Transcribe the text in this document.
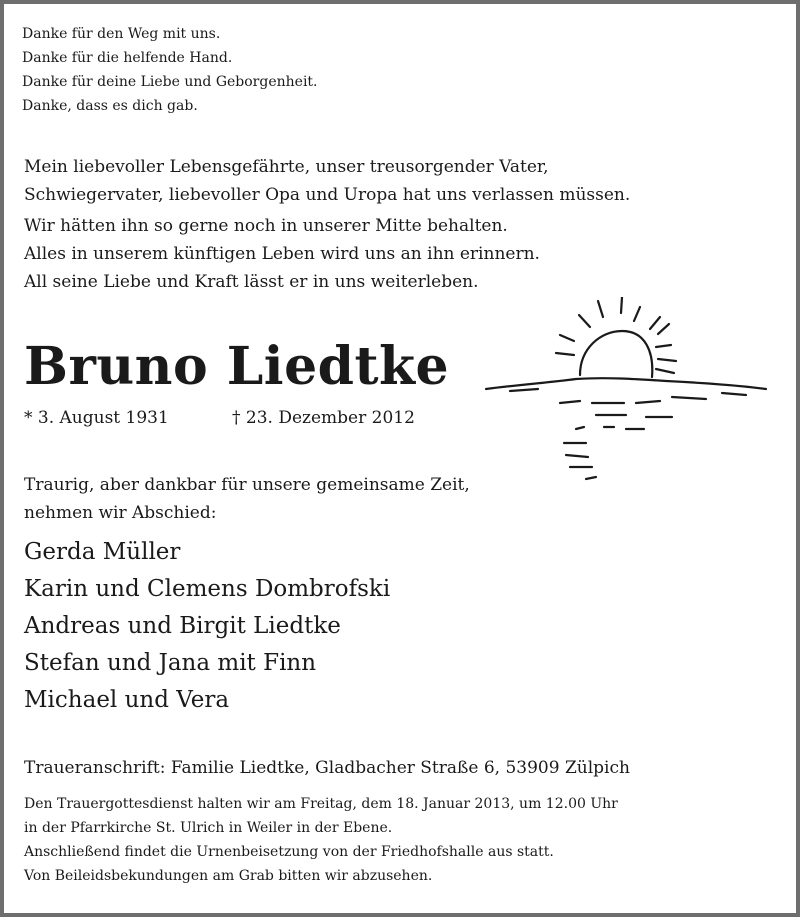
Danke für den Weg mit uns.
Danke für die helfende Hand.
Danke für deine Liebe und Geborgenheit.
Danke, dass es dich gab.
Mein liebevoller Lebensgefährte, unser treusorgender Vater,
Schwiegervater, liebevoller Opa und Uropa hat uns verlassen müssen.
Wir hätten ihn so gerne noch in unserer Mitte behalten.
Alles in unserem künftigen Leben wird uns an ihn erinnern.
All seine Liebe und Kraft lässt er in uns weiterleben.
Bruno Liedtke
* 3. August 1931	† 23. Dezember 2012
Traurig, aber dankbar für unsere gemeinsame Zeit,
nehmen wir Abschied:
Gerda Müller
Karin und Clemens Dombrofski
Andreas und Birgit Liedtke
Stefan und Jana mit Finn
Michael und Vera
Traueranschrift: Familie Liedtke, Gladbacher Straße 6, 53909 Zülpich
Den Trauergottesdienst halten wir am Freitag, dem 18. Januar 2013, um 12.00 Uhr
in der Pfarrkirche St. Ulrich in Weiler in der Ebene.
Anschließend findet die Urnenbeisetzung von der Friedhofshalle aus statt.
Von Beileidsbekundungen am Grab bitten wir abzusehen.
